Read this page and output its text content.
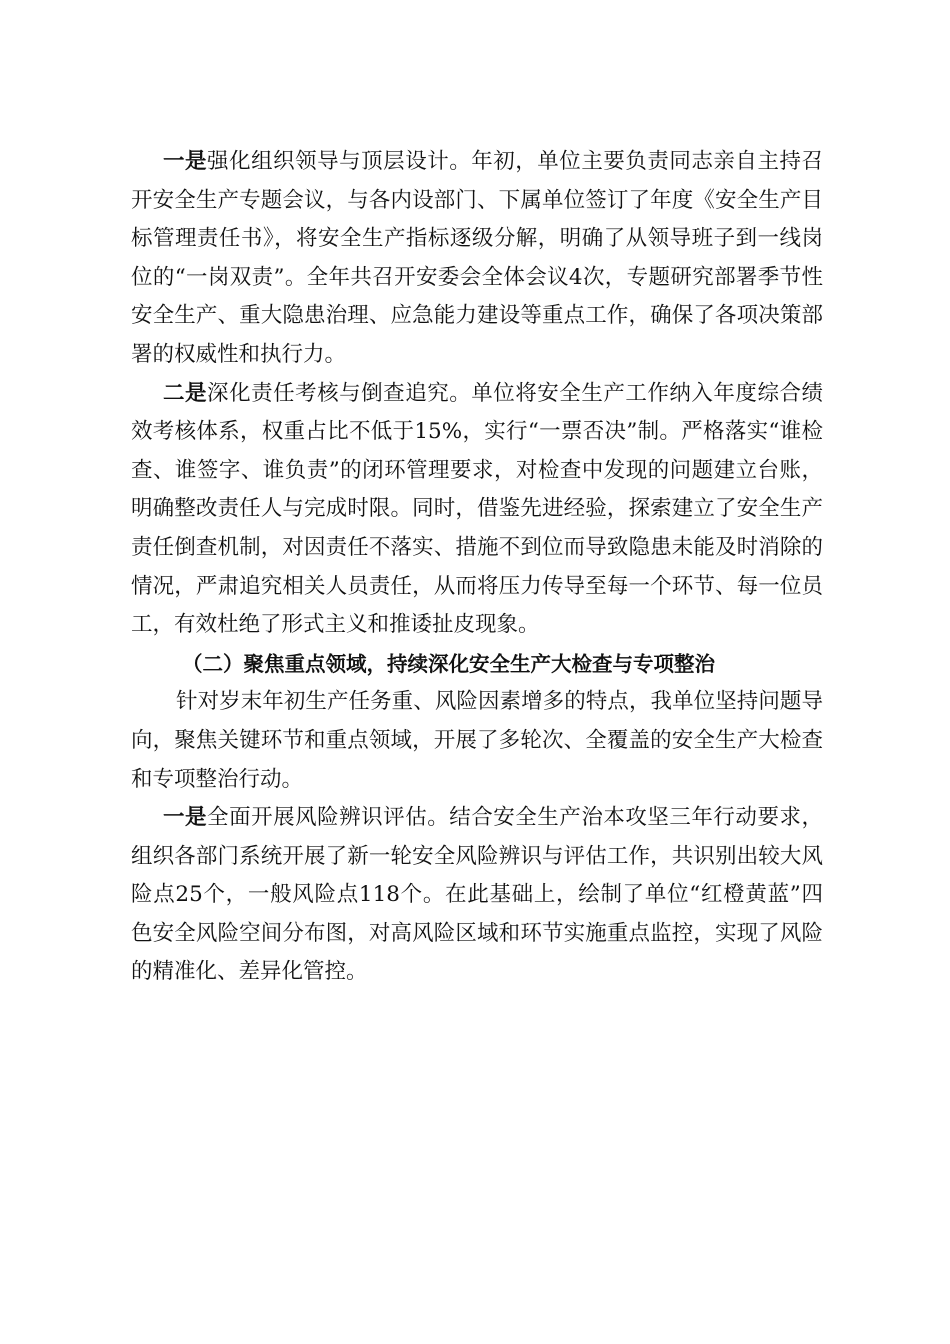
一是强化组织领导与顶层设计。年初，单位主要负责同志亲自主持召开安全生产专题会议，与各内设部门、下属单位签订了年度《安全生产目标管理责任书》，将安全生产指标逐级分解，明确了从领导班子到一线岗位的“一岗双责”。全年共召开安委会全体会议4次，专题研究部署季节性安全生产、重大隐患治理、应急能力建设等重点工作，确保了各项决策部署的权威性和执行力。

二是深化责任考核与倒查追究。单位将安全生产工作纳入年度综合绩效考核体系，权重占比不低于15%，实行“一票否决”制。严格落实“谁检查、谁签字、谁负责”的闭环管理要求，对检查中发现的问题建立台账，明确整改责任人与完成时限。同时，借鉴先进经验，探索建立了安全生产责任倒查机制，对因责任不落实、措施不到位而导致隐患未能及时消除的情况，严肃追究相关人员责任，从而将压力传导至每一个环节、每一位员工，有效杜绝了形式主义和推诿扯皮现象。

（二）聚焦重点领域，持续深化安全生产大检查与专项整治

针对岁末年初生产任务重、风险因素增多的特点，我单位坚持问题导向，聚焦关键环节和重点领域，开展了多轮次、全覆盖的安全生产大检查和专项整治行动。

一是全面开展风险辨识评估。结合安全生产治本攻坚三年行动要求，组织各部门系统开展了新一轮安全风险辨识与评估工作，共识别出较大风险点25个，一般风险点118个。在此基础上，绘制了单位“红橙黄蓝”四色安全风险空间分布图，对高风险区域和环节实施重点监控，实现了风险的精准化、差异化管控。
